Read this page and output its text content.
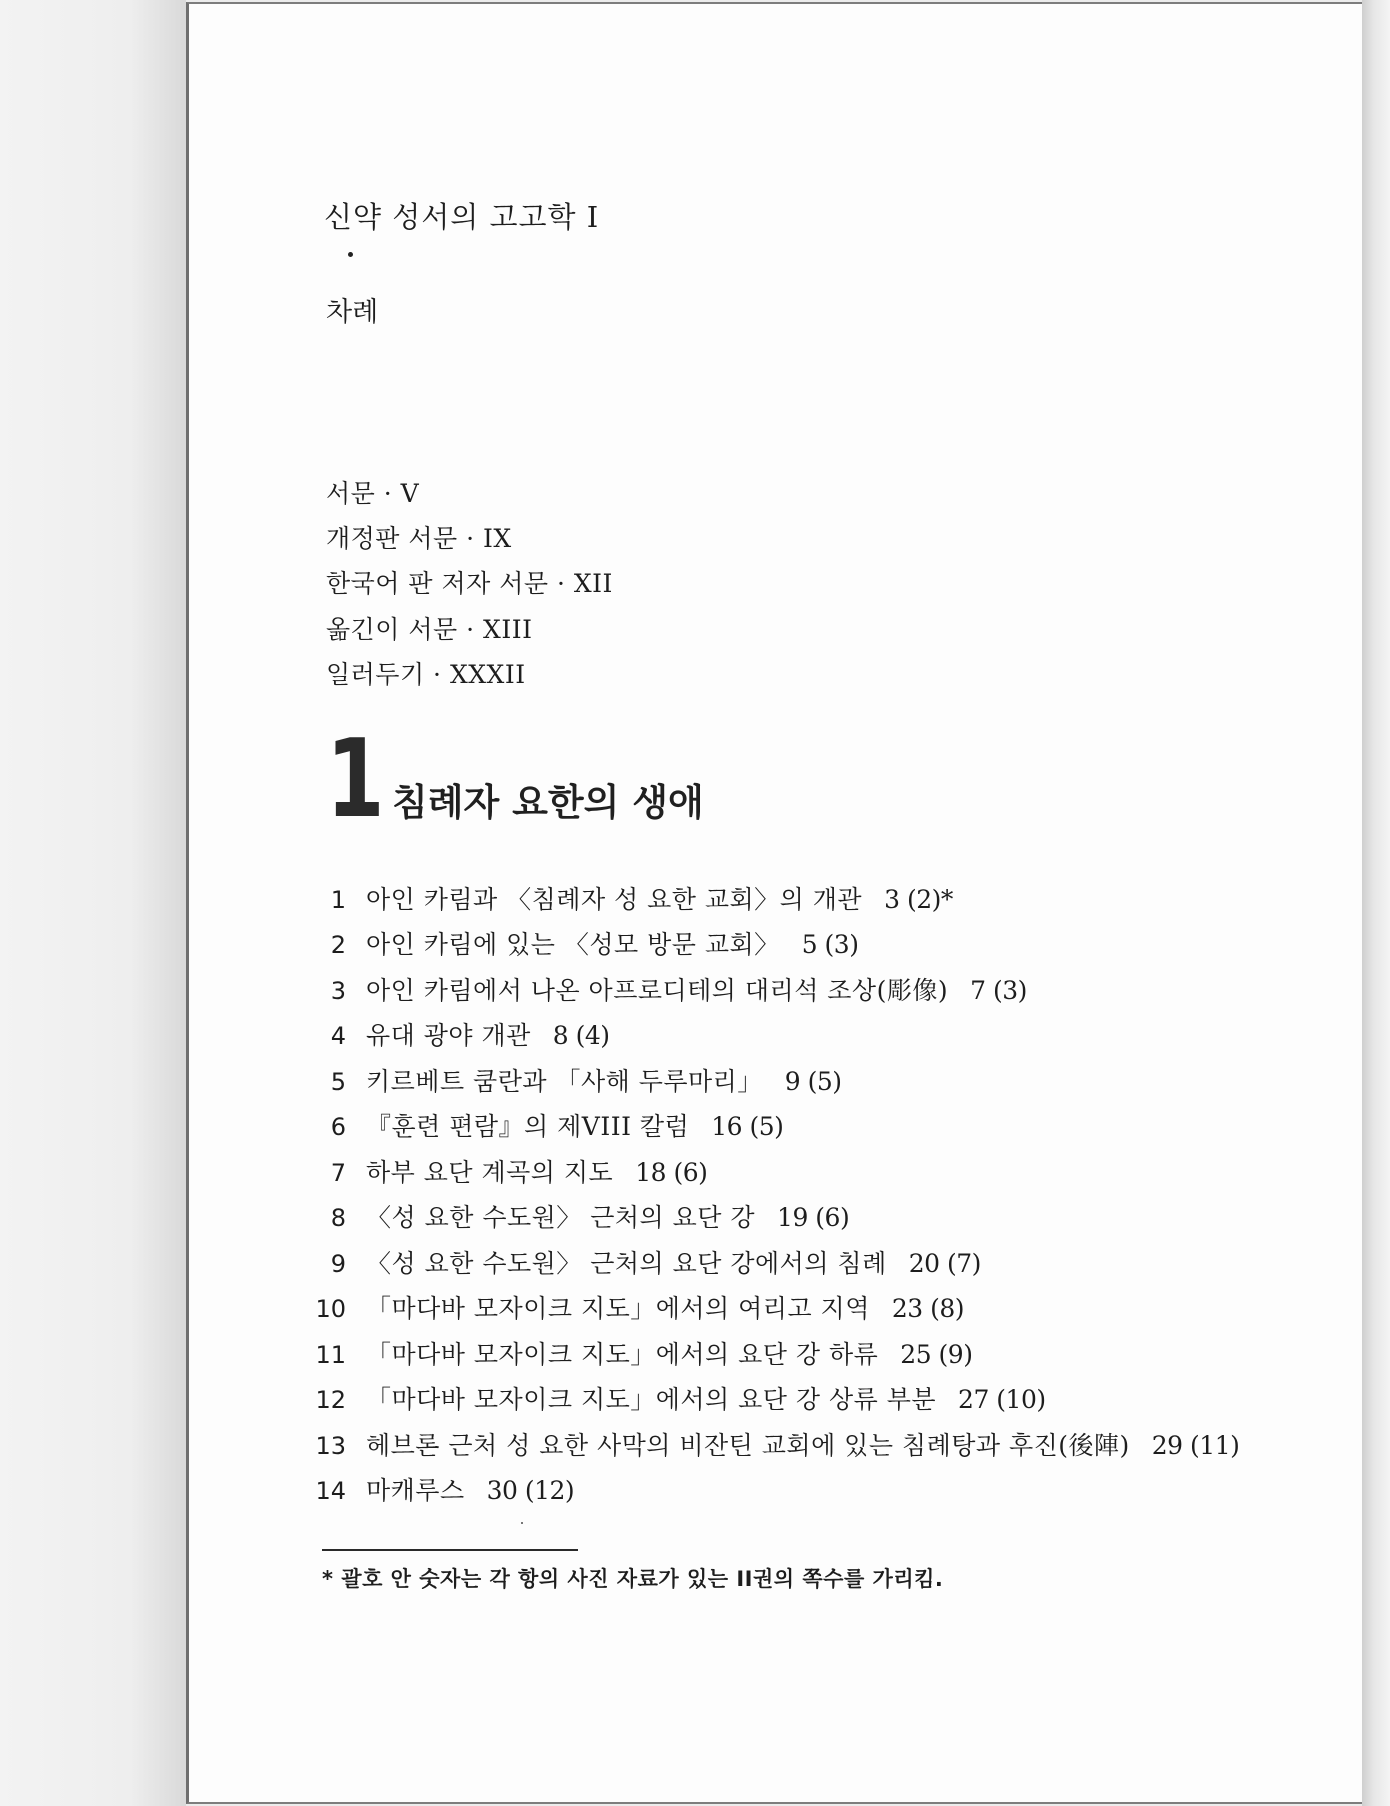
신약 성서의 고고학 I
차례
서문 · V
개정판 서문 · IX
한국어 판 저자 서문 · XII
옮긴이 서문 · XIII
일러두기 · XXXII
1 침례자 요한의 생애
1 아인 카림과 〈침례자 성 요한 교회〉의 개관 3 (2)*
2 아인 카림에 있는 〈성모 방문 교회〉 5 (3)
3 아인 카림에서 나온 아프로디테의 대리석 조상(彫像) 7 (3)
4 유대 광야 개관 8 (4)
5 키르베트 쿰란과 「사해 두루마리」 9 (5)
6 『훈련 편람』의 제VIII 칼럼 16 (5)
7 하부 요단 계곡의 지도 18 (6)
8 〈성 요한 수도원〉 근처의 요단 강 19 (6)
9 〈성 요한 수도원〉 근처의 요단 강에서의 침례 20 (7)
10 「마다바 모자이크 지도」에서의 여리고 지역 23 (8)
11 「마다바 모자이크 지도」에서의 요단 강 하류 25 (9)
12 「마다바 모자이크 지도」에서의 요단 강 상류 부분 27 (10)
13 헤브론 근처 성 요한 사막의 비잔틴 교회에 있는 침례탕과 후진(後陣) 29 (11)
14 마캐루스 30 (12)
* 괄호 안 숫자는 각 항의 사진 자료가 있는 II권의 쪽수를 가리킴.
